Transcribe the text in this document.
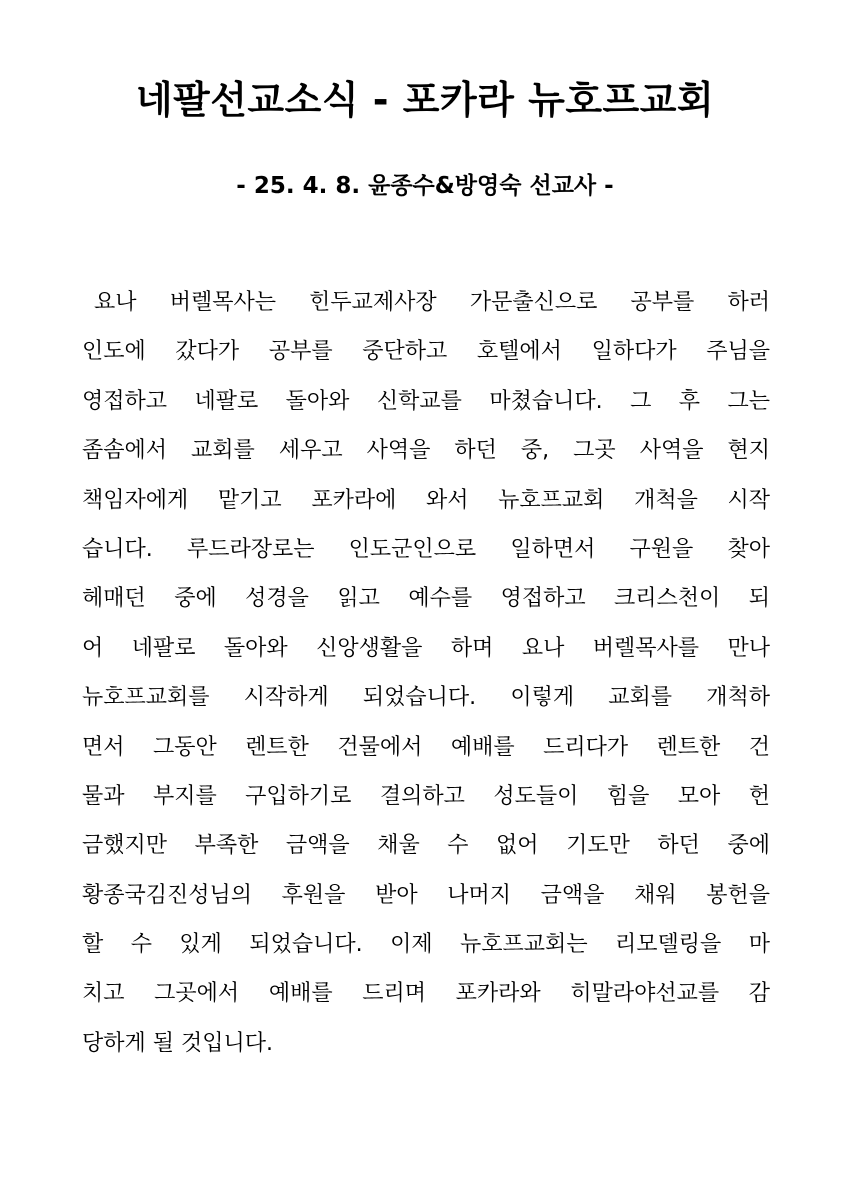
네팔선교소식 - 포카라 뉴호프교회
- 25. 4. 8. 윤종수&방영숙 선교사 -
요나 버렐목사는 힌두교제사장 가문출신으로 공부를 하러
인도에 갔다가 공부를 중단하고 호텔에서 일하다가 주님을
영접하고 네팔로 돌아와 신학교를 마쳤습니다. 그 후 그는
좀솜에서 교회를 세우고 사역을 하던 중, 그곳 사역을 현지
책임자에게 맡기고 포카라에 와서 뉴호프교회 개척을 시작
습니다. 루드라장로는 인도군인으로 일하면서 구원을 찾아
헤매던 중에 성경을 읽고 예수를 영접하고 크리스천이 되
어 네팔로 돌아와 신앙생활을 하며 요나 버렐목사를 만나
뉴호프교회를 시작하게 되었습니다. 이렇게 교회를 개척하
면서 그동안 렌트한 건물에서 예배를 드리다가 렌트한 건
물과 부지를 구입하기로 결의하고 성도들이 힘을 모아 헌
금했지만 부족한 금액을 채울 수 없어 기도만 하던 중에
황종국김진성님의 후원을 받아 나머지 금액을 채워 봉헌을
할 수 있게 되었습니다. 이제 뉴호프교회는 리모델링을 마
치고 그곳에서 예배를 드리며 포카라와 히말라야선교를 감
당하게 될 것입니다.
